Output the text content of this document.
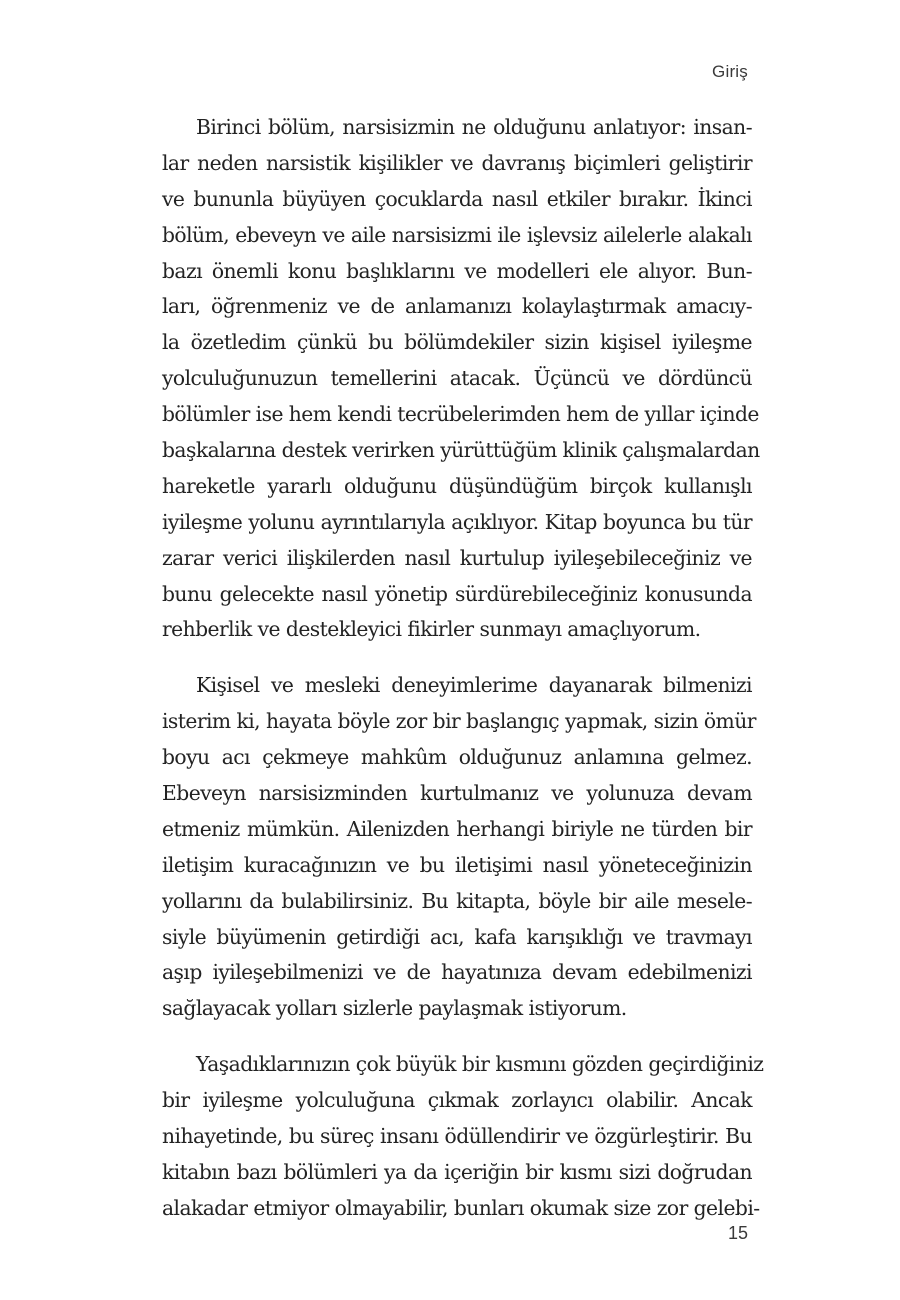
Giriş
Birinci bölüm, narsisizmin ne olduğunu anlatıyor: insan-
lar neden narsistik kişilikler ve davranış biçimleri geliştirir
ve bununla büyüyen çocuklarda nasıl etkiler bırakır. İkinci
bölüm, ebeveyn ve aile narsisizmi ile işlevsiz ailelerle alakalı
bazı önemli konu başlıklarını ve modelleri ele alıyor. Bun-
ları, öğrenmeniz ve de anlamanızı kolaylaştırmak amacıy-
la özetledim çünkü bu bölümdekiler sizin kişisel iyileşme
yolculuğunuzun temellerini atacak. Üçüncü ve dördüncü
bölümler ise hem kendi tecrübelerimden hem de yıllar içinde
başkalarına destek verirken yürüttüğüm klinik çalışmalardan
hareketle yararlı olduğunu düşündüğüm birçok kullanışlı
iyileşme yolunu ayrıntılarıyla açıklıyor. Kitap boyunca bu tür
zarar verici ilişkilerden nasıl kurtulup iyileşebileceğiniz ve
bunu gelecekte nasıl yönetip sürdürebileceğiniz konusunda
rehberlik ve destekleyici fikirler sunmayı amaçlıyorum.
Kişisel ve mesleki deneyimlerime dayanarak bilmenizi
isterim ki, hayata böyle zor bir başlangıç yapmak, sizin ömür
boyu acı çekmeye mahkûm olduğunuz anlamına gelmez.
Ebeveyn narsisizminden kurtulmanız ve yolunuza devam
etmeniz mümkün. Ailenizden herhangi biriyle ne türden bir
iletişim kuracağınızın ve bu iletişimi nasıl yöneteceğinizin
yollarını da bulabilirsiniz. Bu kitapta, böyle bir aile mesele-
siyle büyümenin getirdiği acı, kafa karışıklığı ve travmayı
aşıp iyileşebilmenizi ve de hayatınıza devam edebilmenizi
sağlayacak yolları sizlerle paylaşmak istiyorum.
Yaşadıklarınızın çok büyük bir kısmını gözden geçirdiğiniz
bir iyileşme yolculuğuna çıkmak zorlayıcı olabilir. Ancak
nihayetinde, bu süreç insanı ödüllendirir ve özgürleştirir. Bu
kitabın bazı bölümleri ya da içeriğin bir kısmı sizi doğrudan
alakadar etmiyor olmayabilir, bunları okumak size zor gelebi-
15
